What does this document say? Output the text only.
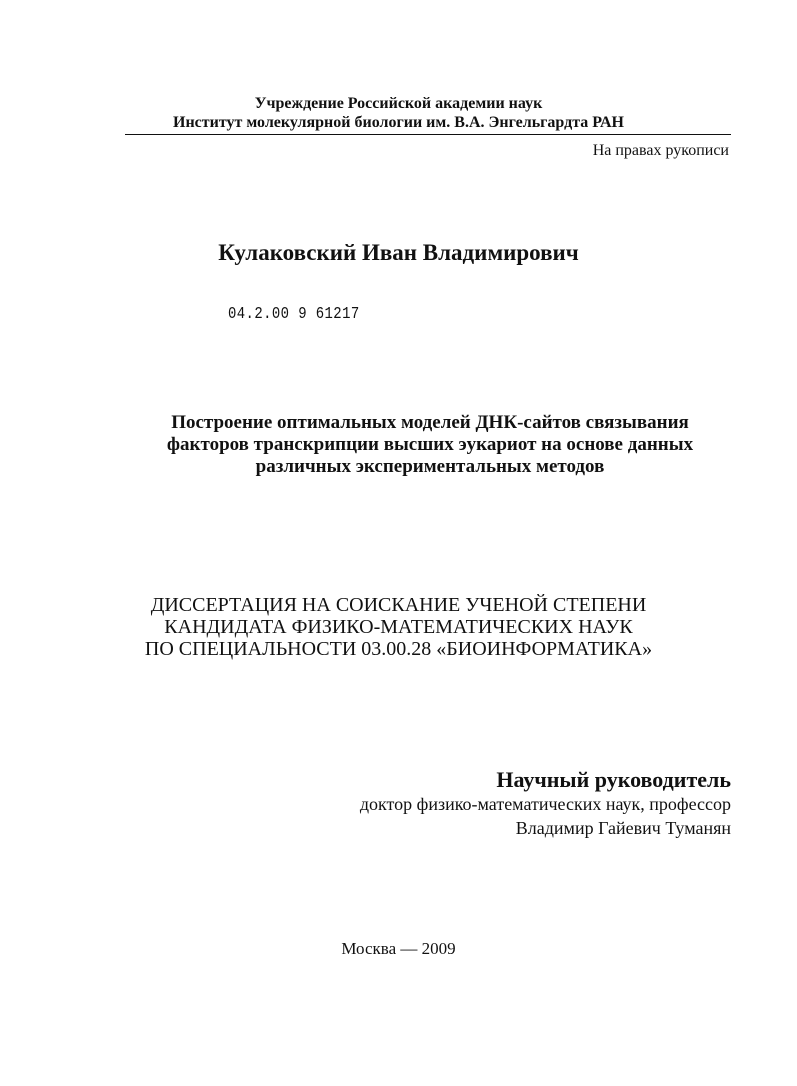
Учреждение Российской академии наук
Институт молекулярной биологии им. В.А. Энгельгардта РАН
На правах рукописи
Кулаковский Иван Владимирович
04.2.00 9 61217
Построение оптимальных моделей ДНК-сайтов связывания
факторов транскрипции высших эукариот на основе данных
различных экспериментальных методов
ДИССЕРТАЦИЯ НА СОИСКАНИЕ УЧЕНОЙ СТЕПЕНИ
КАНДИДАТА ФИЗИКО-МАТЕМАТИЧЕСКИХ НАУК
ПО СПЕЦИАЛЬНОСТИ 03.00.28 «БИОИНФОРМАТИКА»
Научный руководитель
доктор физико-математических наук, профессор
Владимир Гайевич Туманян
Москва — 2009
